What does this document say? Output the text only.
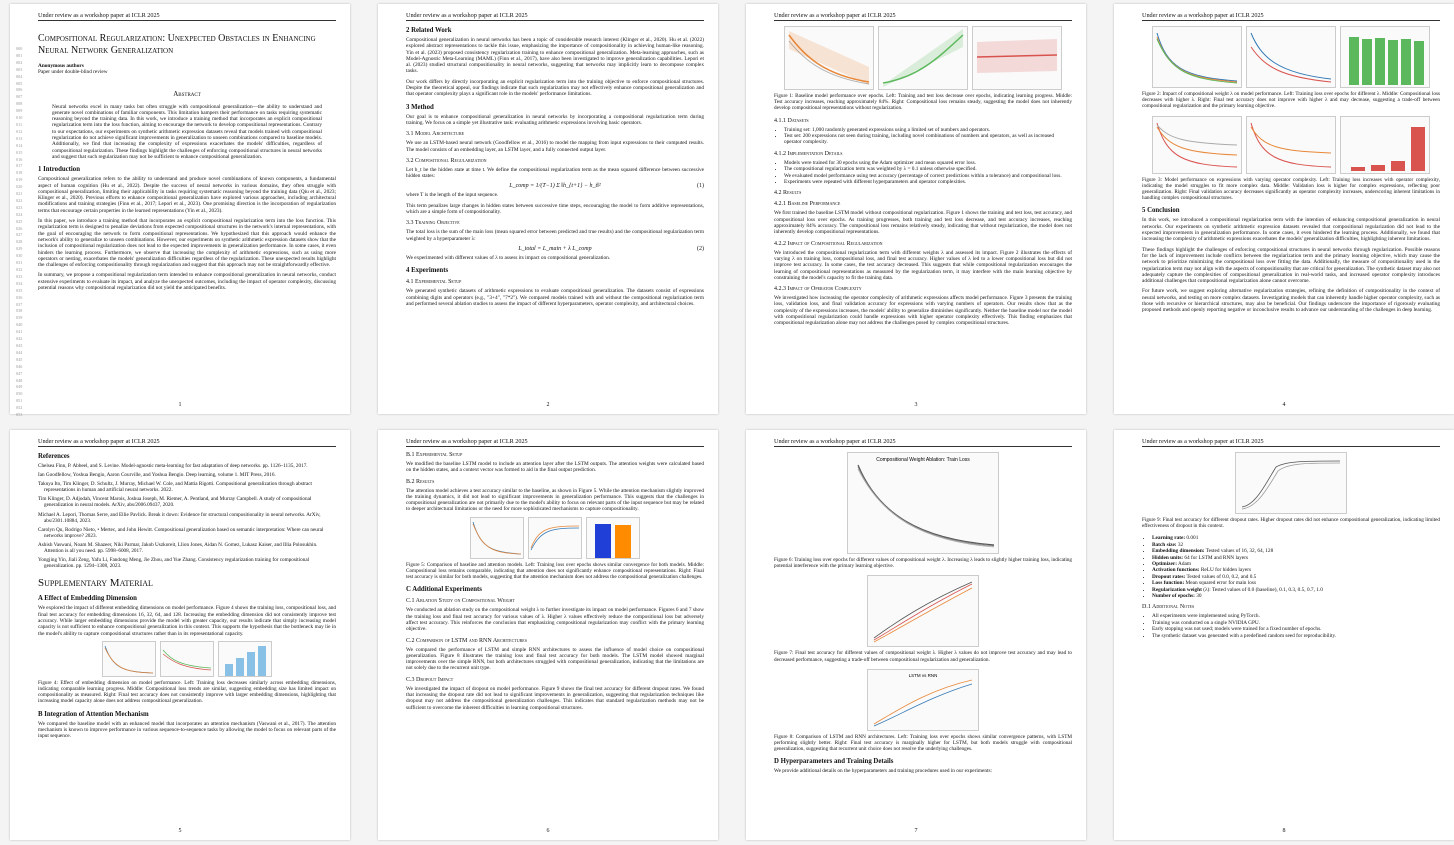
Under review as a workshop paper at ICLR 2025
000
001
002
003
004
005
006
007
008
009
010
011
012
013
014
015
016
017
018
019
020
021
022
023
024
025
026
027
028
029
030
031
032
033
034
035
036
037
038
039
040
041
042
043
044
045
046
047
048
049
050
051
052
053
Compositional Regularization: Unexpected Obstacles in Enhancing Neural Network Generalization
Anonymous authors
Paper under double-blind review
Abstract

Neural networks excel in many tasks but often struggle with compositional generalization—the ability to understand and generate novel combinations of familiar components. This limitation hampers their performance on tasks requiring systematic reasoning beyond the training data. In this work, we introduce a training method that incorporates an explicit compositional regularization term into the loss function, aiming to encourage the network to develop compositional representations. Contrary to our expectations, our experiments on synthetic arithmetic expression datasets reveal that models trained with compositional regularization do not achieve significant improvements in generalization to unseen combinations compared to baseline models. Additionally, we find that increasing the complexity of expressions exacerbates the models' difficulties, regardless of compositional regularization. These findings highlight the challenges of enforcing compositional structures in neural networks and suggest that such regularization may not be sufficient to enhance compositional generalization.

1 Introduction

Compositional generalization refers to the ability to understand and produce novel combinations of known components, a fundamental aspect of human cognition (Hu et al., 2022). Despite the success of neural networks in various domains, they often struggle with compositional generalization, limiting their applicability in tasks requiring systematic reasoning beyond the training data (Qiu et al., 2023; Klinger et al., 2020). Previous efforts to enhance compositional generalization have explored various approaches, including architectural modifications and training strategies (Finn et al., 2017; Lepori et al., 2023). One promising direction is the incorporation of regularization terms that encourage certain properties in the learned representations (Yin et al., 2023).

In this paper, we introduce a training method that incorporates an explicit compositional regularization term into the loss function. This regularization term is designed to penalize deviations from expected compositional structures in the network's internal representations, with the goal of encouraging the network to form compositional representations. We hypothesized that this approach would enhance the network's ability to generalize to unseen combinations. However, our experiments on synthetic arithmetic expression datasets show that the inclusion of compositional regularization does not lead to the expected improvements in generalization performance. In some cases, it even hinders the learning process. Furthermore, we observe that increasing the complexity of arithmetic expressions, such as using more operators or nesting, exacerbates the models' generalization difficulties regardless of the regularization. These unexpected results highlight the challenges of enforcing compositionality through regularization and suggest that this approach may not be straightforwardly effective.

In summary, we propose a compositional regularization term intended to enhance compositional generalization in neural networks, conduct extensive experiments to evaluate its impact, and analyze the unexpected outcomes, including the impact of operator complexity, discussing potential reasons why compositional regularization did not yield the anticipated benefits.

1
Under review as a workshop paper at ICLR 2025
2 Related Work

Compositional generalization in neural networks has been a topic of considerable research interest (Klinger et al., 2020). Hu et al. (2022) explored abstract representations to tackle this issue, emphasizing the importance of compositionality in achieving human-like reasoning. Yin et al. (2023) proposed consistency regularization training to enhance compositional generalization. Meta-learning approaches, such as Model-Agnostic Meta-Learning (MAML) (Finn et al., 2017), have also been investigated to improve generalization capabilities. Lepori et al. (2023) studied structural compositionality in neural networks, suggesting that networks may implicitly learn to decompose complex tasks.

Our work differs by directly incorporating an explicit regularization term into the training objective to enforce compositional structures. Despite the theoretical appeal, our findings indicate that such regularization may not effectively enhance compositional generalization and that operator complexity plays a significant role in the models' performance limitations.

3 Method

Our goal is to enhance compositional generalization in neural networks by incorporating a compositional regularization term during training. We focus on a simple yet illustrative task: evaluating arithmetic expressions involving basic operators.

3.1 Model Architecture

We use an LSTM-based neural network (Goodfellow et al., 2016) to model the mapping from input expressions to their computed results. The model consists of an embedding layer, an LSTM layer, and a fully connected output layer.

3.2 Compositional Regularization

Let h_t be the hidden state at time t. We define the compositional regularization term as the mean squared difference between successive hidden states:

L_comp = 1/(T−1) Σ ‖h_{t+1} − h_t‖²	(1)

where T is the length of the input sequence.

This term penalizes large changes in hidden states between successive time steps, encouraging the model to form additive representations, which are a simple form of compositionality.

3.3 Training Objective

The total loss is the sum of the main loss (mean squared error between predicted and true results) and the compositional regularization term weighted by a hyperparameter λ:

L_total = L_main + λ L_comp	(2)

We experimented with different values of λ to assess its impact on compositional generalization.

4 Experiments
4.1 Experimental Setup

We generated synthetic datasets of arithmetic expressions to evaluate compositional generalization. The datasets consist of expressions combining digits and operators (e.g., "3+4", "7*2"). We compared models trained with and without the compositional regularization term and performed several ablation studies to assess the impact of different hyperparameters, operator complexity, and architectural choices.

2
Under review as a workshop paper at ICLR 2025

Figure 1: Baseline model performance over epochs. Left: Training and test loss decrease over epochs, indicating learning progress. Middle: Test accuracy increases, reaching approximately 84%. Right: Compositional loss remains steady, suggesting the model does not inherently develop compositional representations without regularization.

4.1.1 Datasets
• Training set: 1,000 randomly generated expressions using a limited set of numbers and operators.
• Test set: 200 expressions not seen during training, including novel combinations of numbers and operators, as well as increased operator complexity.
4.1.2 Implementation Details
• Models were trained for 30 epochs using the Adam optimizer and mean squared error loss.
• The compositional regularization term was weighted by λ = 0.1 unless otherwise specified.
• We evaluated model performance using test accuracy (percentage of correct predictions within a tolerance) and compositional loss.
• Experiments were repeated with different hyperparameters and operator complexities.
4.2 Results
4.2.1 Baseline Performance

We first trained the baseline LSTM model without compositional regularization. Figure 1 shows the training and test loss, test accuracy, and compositional loss over epochs. As training progresses, both training and test loss decrease, and test accuracy increases, reaching approximately 84% accuracy. The compositional loss remains relatively steady, indicating that without regularization, the model does not inherently develop compositional representations.

4.2.2 Impact of Compositional Regularization

We introduced the compositional regularization term with different weights λ and assessed its impact. Figure 2 illustrates the effects of varying λ on training loss, compositional loss, and final test accuracy. Higher values of λ led to a lower compositional loss but did not improve test accuracy. In some cases, the test accuracy decreased. This suggests that while compositional regularization encourages the learning of compositional representations as measured by the regularization term, it may interfere with the main learning objective by constraining the model's capacity to fit the training data.

4.2.3 Impact of Operator Complexity

We investigated how increasing the operator complexity of arithmetic expressions affects model performance. Figure 3 presents the training loss, validation loss, and final validation accuracy for expressions with varying numbers of operators. Our results show that as the complexity of the expressions increases, the models' ability to generalize diminishes significantly. Neither the baseline model nor the model with compositional regularization could handle expressions with higher operator complexity effectively. This finding emphasizes that compositional regularization alone may not address the challenges posed by complex compositional structures.

3
Under review as a workshop paper at ICLR 2025

Figure 2: Impact of compositional weight λ on model performance. Left: Training loss over epochs for different λ. Middle: Compositional loss decreases with higher λ. Right: Final test accuracy does not improve with higher λ and may decrease, suggesting a trade-off between compositional regularization and the primary learning objective.

Figure 3: Model performance on expressions with varying operator complexity. Left: Training loss increases with operator complexity, indicating the model struggles to fit more complex data. Middle: Validation loss is higher for complex expressions, reflecting poor generalization. Right: Final validation accuracy decreases significantly as operator complexity increases, underscoring inherent limitations in handling complex compositional structures.

5 Conclusion

In this work, we introduced a compositional regularization term with the intention of enhancing compositional generalization in neural networks. Our experiments on synthetic arithmetic expression datasets revealed that compositional regularization did not lead to the expected improvements in generalization performance. In some cases, it even hindered the learning process. Additionally, we found that increasing the complexity of arithmetic expressions exacerbates the models' generalization difficulties, highlighting inherent limitations.

These findings highlight the challenges of enforcing compositional structures in neural networks through regularization. Possible reasons for the lack of improvement include conflicts between the regularization term and the primary learning objective, which may cause the network to prioritize minimizing the compositional loss over fitting the data. Additionally, the measure of compositionality used in the regularization term may not align with the aspects of compositionality that are critical for generalization. The synthetic dataset may also not adequately capture the complexities of compositional generalization in real-world tasks, and increased operator complexity introduces additional challenges that compositional regularization alone cannot overcome.

For future work, we suggest exploring alternative regularization strategies, refining the definition of compositionality in the context of neural networks, and testing on more complex datasets. Investigating models that can inherently handle higher operator complexity, such as those with recursive or hierarchical structures, may also be beneficial. Our findings underscore the importance of rigorously evaluating proposed methods and openly reporting negative or inconclusive results to advance our understanding of the challenges in deep learning.

4
Under review as a workshop paper at ICLR 2025
References

Chelsea Finn, P. Abbeel, and S. Levine. Model-agnostic meta-learning for fast adaptation of deep networks. pp. 1126–1135, 2017.

Ian Goodfellow, Yoshua Bengio, Aaron Courville, and Yoshua Bengio. Deep learning, volume 1. MIT Press, 2016.

Takuya Ito, Tim Klinger, D. Schultz, J. Murray, Michael W. Cole, and Mattia Rigotti. Compositional generalization through abstract representations in human and artificial neural networks. 2022.

Tim Klinger, D. Adjodah, Vincent Marois, Joshua Joseph, M. Riemer, A. Pentland, and Murray Campbell. A study of compositional generalization in neural models. ArXiv, abs/2006.09437, 2020.

Michael A. Lepori, Thomas Serre, and Ellie Pavlick. Break it down: Evidence for structural compositionality in neural networks. ArXiv, abs/2301.10884, 2023.

Carolyn Qu, Rodrigo Nieto, • Mertec, and John Hewitt. Compositional generalization based on semantic interpretation: Where can neural networks improve? 2023.

Ashish Vaswani, Noam M. Shazeer, Niki Parmar, Jakob Uszkoreit, Llion Jones, Aidan N. Gomez, Lukasz Kaiser, and Illia Polosukhin. Attention is all you need. pp. 5998–6008, 2017.

Yongjing Yin, Jiali Zeng, Yafu Li, Fandong Meng, Jie Zhou, and Yue Zhang. Consistency regularization training for compositional generalization. pp. 1294–1308, 2023.

Supplementary Material
A Effect of Embedding Dimension

We explored the impact of different embedding dimensions on model performance. Figure 4 shows the training loss, compositional loss, and final test accuracy for embedding dimensions 16, 32, 64, and 128. Increasing the embedding dimension did not consistently improve test accuracy. While larger embedding dimensions provide the model with greater capacity, our results indicate that simply increasing model capacity is not sufficient to enhance compositional generalization in this context. This supports the hypothesis that the bottleneck may lie in the model's ability to capture compositional structures rather than in its representational capacity.

Figure 4: Effect of embedding dimension on model performance. Left: Training loss decreases similarly across embedding dimensions, indicating comparable learning progress. Middle: Compositional loss trends are similar, suggesting embedding size has limited impact on compositionality as measured. Right: Final test accuracy does not consistently improve with larger embedding dimensions, highlighting that increasing model capacity alone does not address compositional generalization.

B Integration of Attention Mechanism

We compared the baseline model with an enhanced model that incorporates an attention mechanism (Vaswani et al., 2017). The attention mechanism is known to improve performance in various sequence-to-sequence tasks by allowing the model to focus on relevant parts of the input sequence.

5
Under review as a workshop paper at ICLR 2025
B.1 Experimental Setup

We modified the baseline LSTM model to include an attention layer after the LSTM outputs. The attention weights were calculated based on the hidden states, and a context vector was formed to aid in the final output prediction.

B.2 Results

The attention model achieves a test accuracy similar to the baseline, as shown in Figure 5. While the attention mechanism slightly improved the training dynamics, it did not lead to significant improvements in generalization performance. This suggests that the challenges in compositional generalization are not primarily due to the model's ability to focus on relevant parts of the input sequence but may be related to deeper architectural limitations or the need for more sophisticated mechanisms to capture compositionality.

Figure 5: Comparison of baseline and attention models. Left: Training loss over epochs shows similar convergence for both models. Middle: Compositional loss remains comparable, indicating that attention does not significantly enhance compositional representations. Right: Final test accuracy is similar for both models, suggesting that the attention mechanism does not address the compositional generalization challenges.

C Additional Experiments
C.1 Ablation Study on Compositional Weight

We conducted an ablation study on the compositional weight λ to further investigate its impact on model performance. Figures 6 and 7 show the training loss and final test accuracy for various values of λ. Higher λ values effectively reduce the compositional loss but adversely affect test accuracy. This reinforces the conclusion that emphasizing compositional regularization may conflict with the primary learning objective.

C.2 Comparison of LSTM and RNN Architectures

We compared the performance of LSTM and simple RNN architectures to assess the influence of model choice on compositional generalization. Figure 8 illustrates the training loss and final test accuracy for both models. The LSTM model showed marginal improvements over the simple RNN, but both architectures struggled with compositional generalization, indicating that the limitations are not solely due to the recurrent unit type.

C.3 Dropout Impact

We investigated the impact of dropout on model performance. Figure 9 shows the final test accuracy for different dropout rates. We found that increasing the dropout rate did not lead to significant improvements in generalization, suggesting that regularization techniques like dropout may not address the compositional generalization challenges. This indicates that standard regularization methods may not be sufficient to overcome the inherent difficulties in learning compositional structures.

6
Under review as a workshop paper at ICLR 2025
Compositional Weight Ablation: Train Loss

Figure 6: Training loss over epochs for different values of compositional weight λ. Increasing λ leads to slightly higher training loss, indicating potential interference with the primary learning objective.

Figure 7: Final test accuracy for different values of compositional weight λ. Higher λ values do not improve test accuracy and may lead to decreased performance, suggesting a trade-off between compositional regularization and generalization.

LSTM vs RNN

Figure 8: Comparison of LSTM and RNN architectures. Left: Training loss over epochs shows similar convergence patterns, with LSTM performing slightly better. Right: Final test accuracy is marginally higher for LSTM, but both models struggle with compositional generalization, suggesting that recurrent unit choice does not resolve the underlying challenges.

D Hyperparameters and Training Details

We provide additional details on the hyperparameters and training procedures used in our experiments:

7
Under review as a workshop paper at ICLR 2025

Figure 9: Final test accuracy for different dropout rates. Higher dropout rates did not enhance compositional generalization, indicating limited effectiveness of dropout in this context.

• Learning rate: 0.001
• Batch size: 32
• Embedding dimension: Tested values of 16, 32, 64, 128
• Hidden units: 64 for LSTM and RNN layers
• Optimizer: Adam
• Activation functions: ReLU for hidden layers
• Dropout rates: Tested values of 0.0, 0.2, and 0.5
• Loss function: Mean squared error for main loss
• Regularization weight (λ): Tested values of 0.0 (baseline), 0.1, 0.3, 0.5, 0.7, 1.0
• Number of epochs: 30
D.1 Additional Notes
• All experiments were implemented using PyTorch.
• Training was conducted on a single NVIDIA GPU.
• Early stopping was not used; models were trained for a fixed number of epochs.
• The synthetic dataset was generated with a predefined random seed for reproducibility.
8
